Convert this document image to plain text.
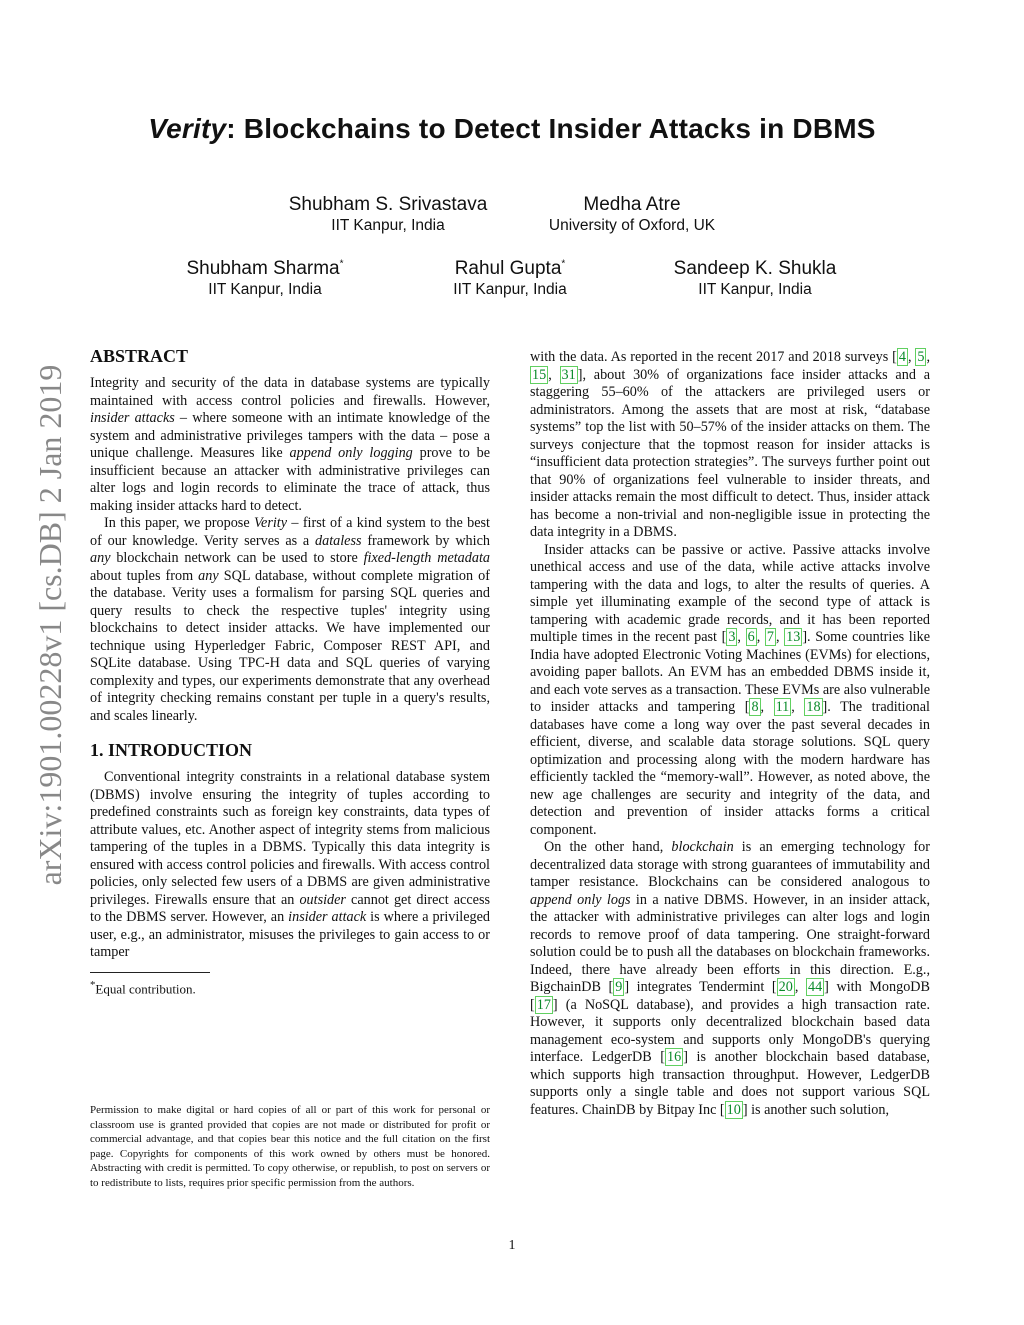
Verity: Blockchains to Detect Insider Attacks in DBMS
Shubham S. Srivastava
IIT Kanpur, India
Medha Atre
University of Oxford, UK
Shubham Sharma*
IIT Kanpur, India
Rahul Gupta*
IIT Kanpur, India
Sandeep K. Shukla
IIT Kanpur, India
arXiv:1901.00228v1 [cs.DB] 2 Jan 2019
ABSTRACT

Integrity and security of the data in database systems are typically maintained with access control policies and firewalls. However, insider attacks – where someone with an intimate knowledge of the system and administrative privileges tampers with the data – pose a unique challenge. Measures like append only logging prove to be insufficient because an attacker with administrative privileges can alter logs and login records to eliminate the trace of attack, thus making insider attacks hard to detect.

In this paper, we propose Verity – first of a kind system to the best of our knowledge. Verity serves as a dataless framework by which any blockchain network can be used to store fixed-length metadata about tuples from any SQL database, without complete migration of the database. Verity uses a formalism for parsing SQL queries and query results to check the respective tuples' integrity using blockchains to detect insider attacks. We have implemented our technique using Hyperledger Fabric, Composer REST API, and SQLite database. Using TPC-H data and SQL queries of varying complexity and types, our experiments demonstrate that any overhead of integrity checking remains constant per tuple in a query's results, and scales linearly.

1. INTRODUCTION

Conventional integrity constraints in a relational database system (DBMS) involve ensuring the integrity of tuples according to predefined constraints such as foreign key constraints, data types of attribute values, etc. Another aspect of integrity stems from malicious tampering of the tuples in a DBMS. Typically this data integrity is ensured with access control policies and firewalls. With access control policies, only selected few users of a DBMS are given administrative privileges. Firewalls ensure that an outsider cannot get direct access to the DBMS server. However, an insider attack is where a privileged user, e.g., an administrator, misuses the privileges to gain access to or tamper

*Equal contribution.
Permission to make digital or hard copies of all or part of this work for personal or classroom use is granted provided that copies are not made or distributed for profit or commercial advantage, and that copies bear this notice and the full citation on the first page. Copyrights for components of this work owned by others must be honored. Abstracting with credit is permitted. To copy otherwise, or republish, to post on servers or to redistribute to lists, requires prior specific permission from the authors.

with the data. As reported in the recent 2017 and 2018 surveys [ 4 , 5 , 15 , 31 ], about 30% of organizations face insider attacks and a staggering 55–60% of the attackers are privileged users or administrators. Among the assets that are most at risk, “database systems” top the list with 50–57% of the insider attacks on them. The surveys conjecture that the topmost reason for insider attacks is “insufficient data protection strategies”. The surveys further point out that 90% of organizations feel vulnerable to insider threats, and insider attacks remain the most difficult to detect. Thus, insider attack has become a non-trivial and non-negligible issue in protecting the data integrity in a DBMS.

Insider attacks can be passive or active. Passive attacks involve unethical access and use of the data, while active attacks involve tampering with the data and logs, to alter the results of queries. A simple yet illuminating example of the second type of attack is tampering with academic grade records, and it has been reported multiple times in the recent past [ 3 , 6 , 7 , 13 ]. Some countries like India have adopted Electronic Voting Machines (EVMs) for elections, avoiding paper ballots. An EVM has an embedded DBMS inside it, and each vote serves as a transaction. These EVMs are also vulnerable to insider attacks and tampering [ 8 , 11 , 18 ]. The traditional databases have come a long way over the past several decades in efficient, diverse, and scalable data storage solutions. SQL query optimization and processing along with the modern hardware has efficiently tackled the “memory-wall”. However, as noted above, the new age challenges are security and integrity of the data, and detection and prevention of insider attacks forms a critical component.

On the other hand, blockchain is an emerging technology for decentralized data storage with strong guarantees of immutability and tamper resistance. Blockchains can be considered analogous to append only logs in a native DBMS. However, in an insider attack, the attacker with administrative privileges can alter logs and login records to remove proof of data tampering. One straight-forward solution could be to push all the databases on blockchain frameworks. Indeed, there have already been efforts in this direction. E.g., BigchainDB [ 9 ] integrates Tendermint [ 20 , 44 ] with MongoDB [ 17 ] (a NoSQL database), and provides a high transaction rate. However, it supports only decentralized blockchain based data management eco-system and supports only MongoDB's querying interface. LedgerDB [ 16 ] is another blockchain based database, which supports high transaction throughput. However, LedgerDB supports only a single table and does not support various SQL features. ChainDB by Bitpay Inc [ 10 ] is another such solution,

1
